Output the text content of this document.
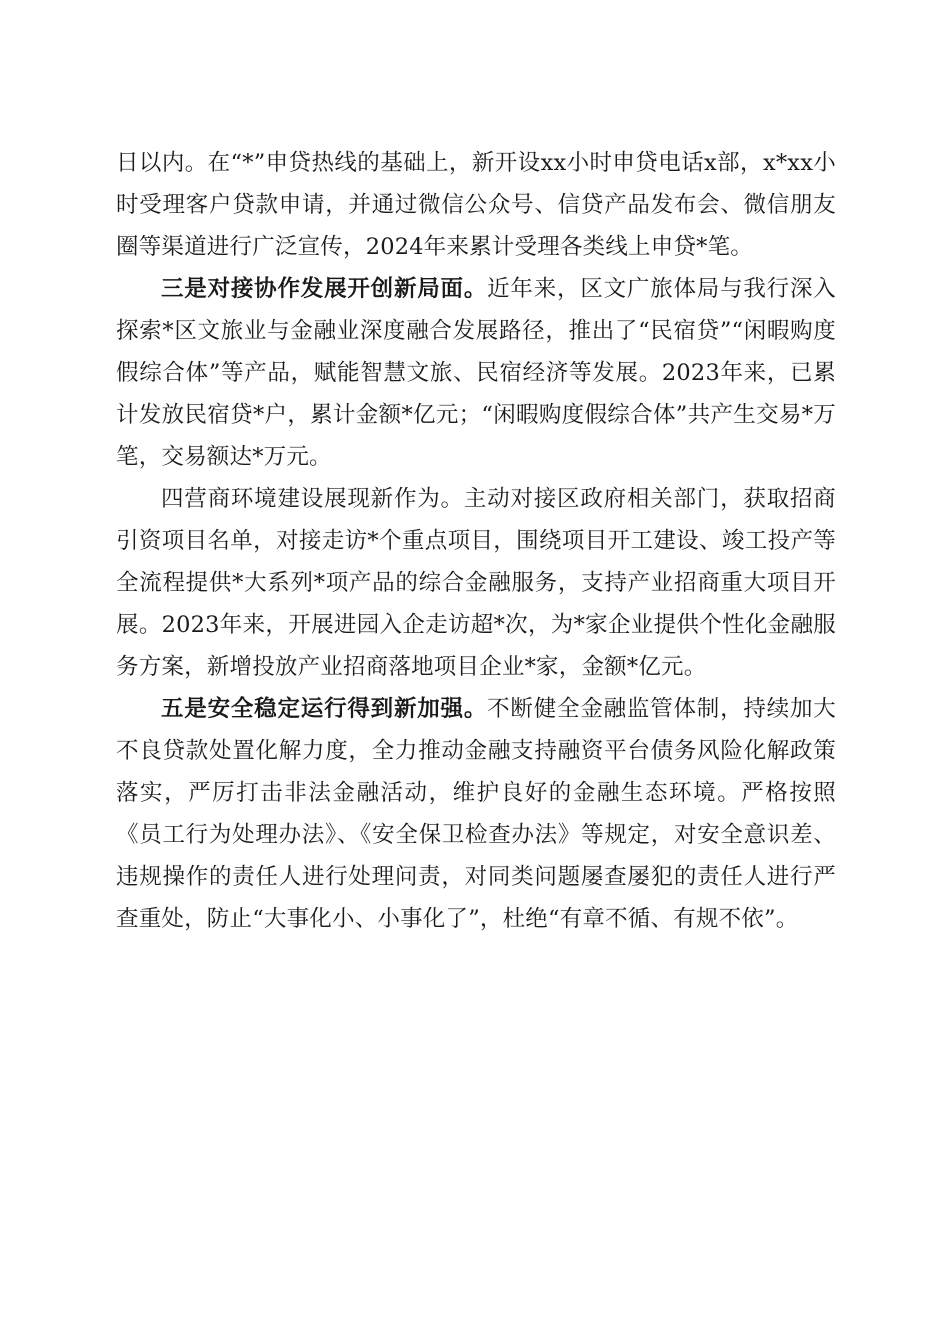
日以内。在“*”申贷热线的基础上，新开设xx小时申贷电话x部，x*xx小时受理客户贷款申请，并通过微信公众号、信贷产品发布会、微信朋友圈等渠道进行广泛宣传，2024年来累计受理各类线上申贷*笔。

三是对接协作发展开创新局面。近年来，区文广旅体局与我行深入探索*区文旅业与金融业深度融合发展路径，推出了“民宿贷”“闲暇购度假综合体”等产品，赋能智慧文旅、民宿经济等发展。2023年来，已累计发放民宿贷*户，累计金额*亿元；“闲暇购度假综合体”共产生交易*万笔，交易额达*万元。

四营商环境建设展现新作为。主动对接区政府相关部门，获取招商引资项目名单，对接走访*个重点项目，围绕项目开工建设、竣工投产等全流程提供*大系列*项产品的综合金融服务，支持产业招商重大项目开展。2023年来，开展进园入企走访超*次，为*家企业提供个性化金融服务方案，新增投放产业招商落地项目企业*家，金额*亿元。

五是安全稳定运行得到新加强。不断健全金融监管体制，持续加大不良贷款处置化解力度，全力推动金融支持融资平台债务风险化解政策落实，严厉打击非法金融活动，维护良好的金融生态环境。严格按照《员工行为处理办法》、《安全保卫检查办法》等规定，对安全意识差、违规操作的责任人进行处理问责，对同类问题屡查屡犯的责任人进行严查重处，防止“大事化小、小事化了”，杜绝“有章不循、有规不依”。
